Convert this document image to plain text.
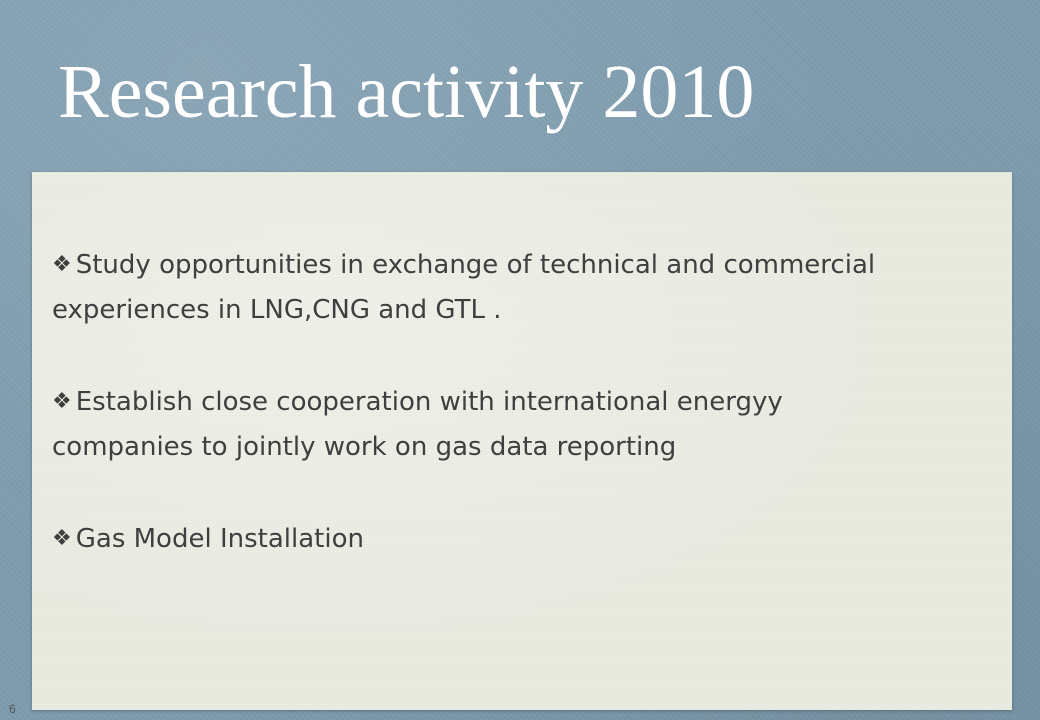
Research activity 2010
❖ Study opportunities in exchange of technical and commercial experiences in LNG,CNG and GTL .
❖ Establish close cooperation with international energyy companies to jointly work on gas data reporting
❖ Gas Model Installation
6
